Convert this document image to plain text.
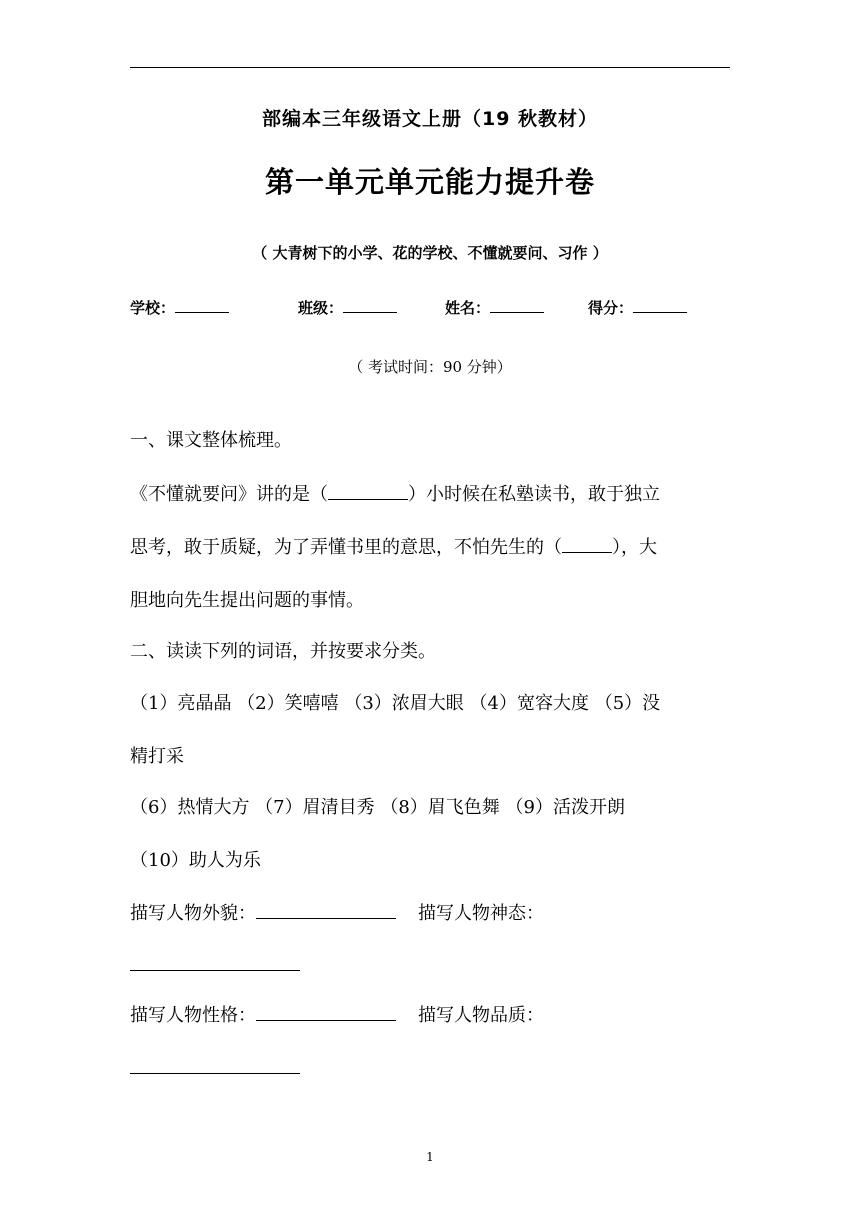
部编本三年级语文上册（19 秋教材）
第一单元单元能力提升卷
（ 大青树下的小学、花的学校、不懂就要问、习作 ）
学校：	班级：	姓名：	得分：
（ 考试时间：90 分钟）
一、课文整体梳理。
《不懂就要问》讲的是（	）小时候在私塾读书，敢于独立
思考，敢于质疑，为了弄懂书里的意思，不怕先生的（	），大
胆地向先生提出问题的事情。
二、读读下列的词语，并按要求分类。
（1）亮晶晶 （2）笑嘻嘻 （3）浓眉大眼 （4）宽容大度 （5）没
精打采
（6）热情大方 （7）眉清目秀 （8）眉飞色舞 （9）活泼开朗
（10）助人为乐
描写人物外貌：	描写人物神态：
描写人物性格：	描写人物品质：
1
